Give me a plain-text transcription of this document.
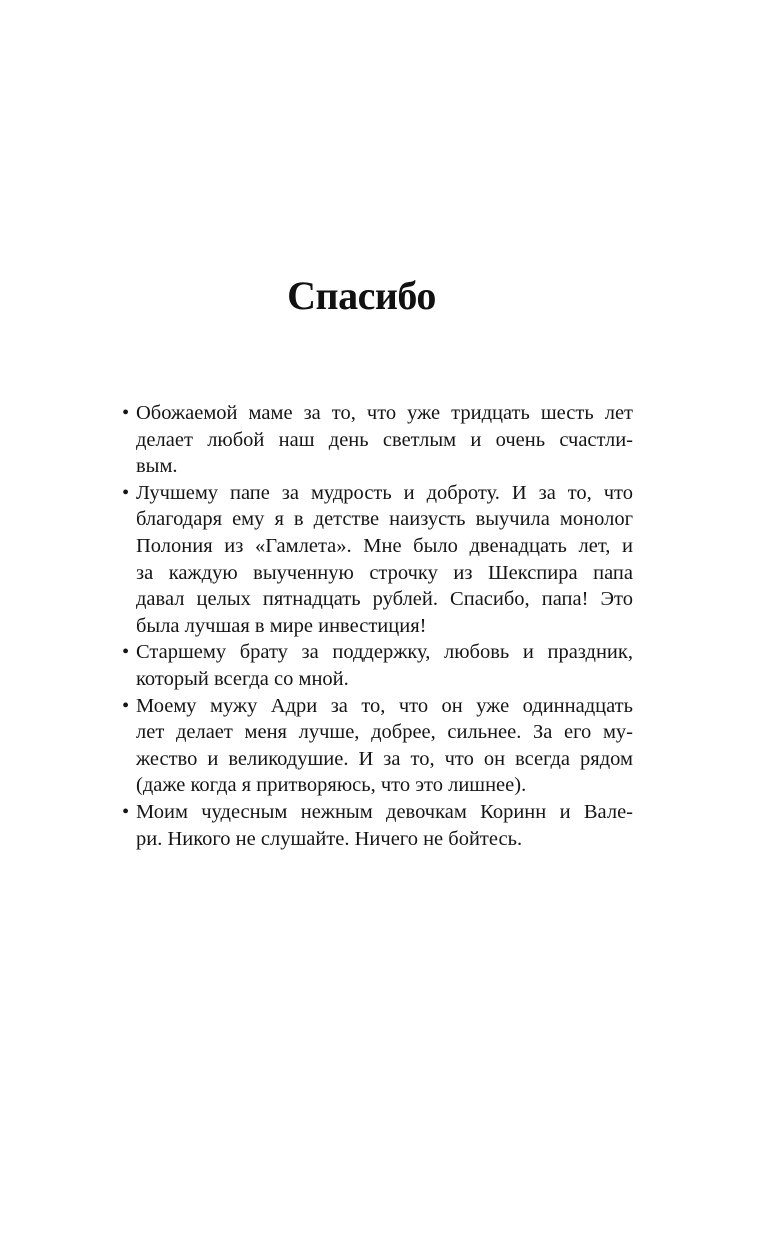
Спасибо
• Обожаемой маме за то, что уже тридцать шесть лет
делает любой наш день светлым и очень счастли-
вым.
• Лучшему папе за мудрость и доброту. И за то, что
благодаря ему я в детстве наизусть выучила монолог
Полония из «Гамлета». Мне было двенадцать лет, и
за каждую выученную строчку из Шекспира папа
давал целых пятнадцать рублей. Спасибо, папа! Это
была лучшая в мире инвестиция!
• Старшему брату за поддержку, любовь и праздник,
который всегда со мной.
• Моему мужу Адри за то, что он уже одиннадцать
лет делает меня лучше, добрее, сильнее. За его му-
жество и великодушие. И за то, что он всегда рядом
(даже когда я притворяюсь, что это лишнее).
• Моим чудесным нежным девочкам Коринн и Вале-
ри. Никого не слушайте. Ничего не бойтесь.
